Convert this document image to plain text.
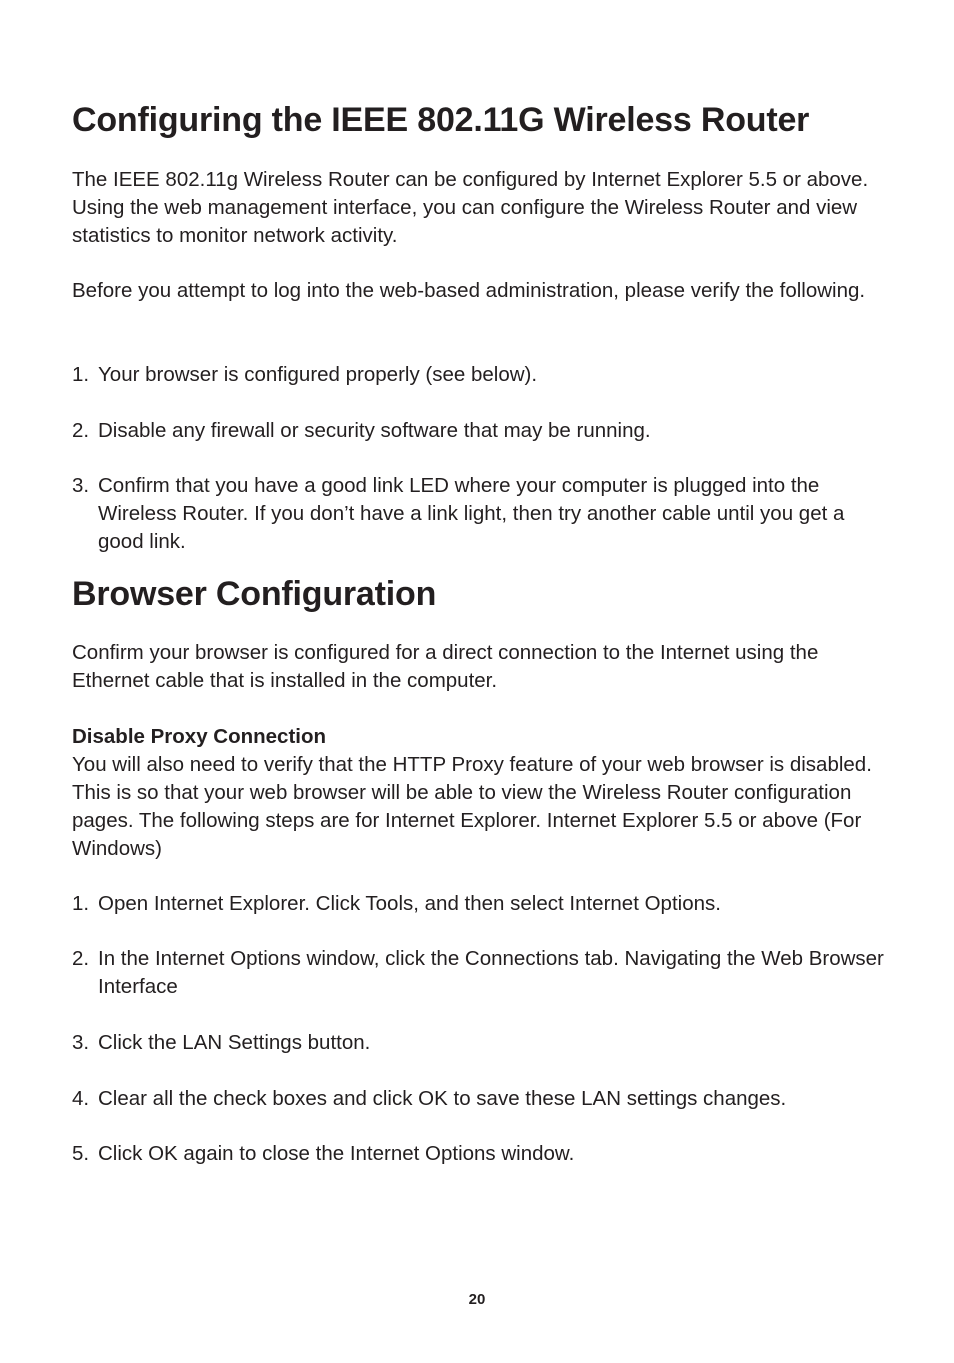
Configuring the IEEE 802.11G Wireless Router

The IEEE 802.11g Wireless Router can be configured by Internet Explorer 5.5 or above. Using the web management interface, you can configure the Wireless Router and view statistics to monitor network activity.

Before you attempt to log into the web-based administration, please verify the following.

1. Your browser is configured properly (see below).
2. Disable any firewall or security software that may be running.
3. Confirm that you have a good link LED where your computer is plugged into the Wireless Router. If you don’t have a link light, then try another cable until you get a good link.
Browser Configuration

Confirm your browser is configured for a direct connection to the Internet using the Ethernet cable that is installed in the computer.

Disable Proxy Connection

You will also need to verify that the HTTP Proxy feature of your web browser is disabled. This is so that your web browser will be able to view the Wireless Router configuration pages. The following steps are for Internet Explorer. Internet Explorer 5.5 or above (For Windows)

1. Open Internet Explorer. Click Tools, and then select Internet Options.
2. In the Internet Options window, click the Connections tab. Navigating the Web Browser Interface
3. Click the LAN Settings button.
4. Clear all the check boxes and click OK to save these LAN settings changes.
5. Click OK again to close the Internet Options window.
20
